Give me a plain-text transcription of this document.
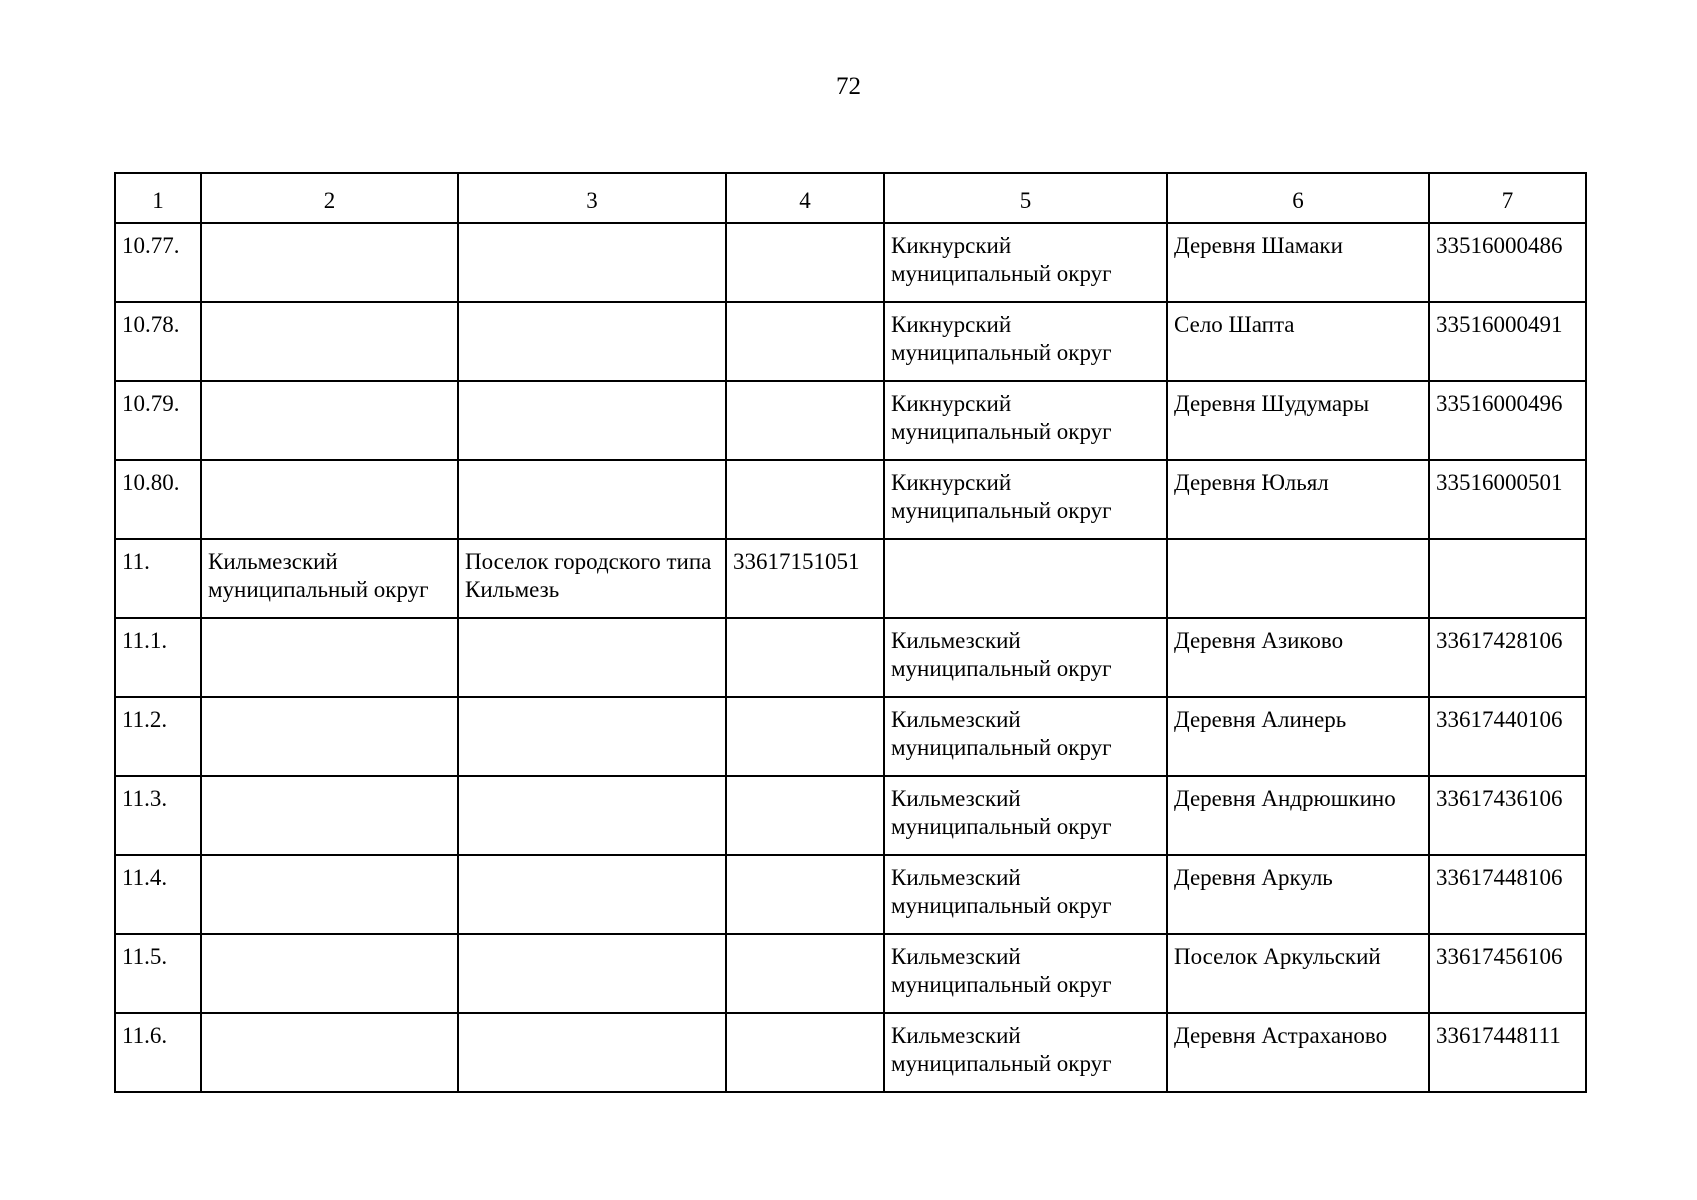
72
1	2	3	4	5	6	7
10.77.				Кикнурский муниципальный округ	Деревня Шамаки	33516000486
10.78.				Кикнурский муниципальный округ	Село Шапта	33516000491
10.79.				Кикнурский муниципальный округ	Деревня Шудумары	33516000496
10.80.				Кикнурский муниципальный округ	Деревня Юльял	33516000501
11.	Кильмезский муниципальный округ	Поселок городского типа Кильмезь	33617151051			
11.1.				Кильмезский муниципальный округ	Деревня Азиково	33617428106
11.2.				Кильмезский муниципальный округ	Деревня Алинерь	33617440106
11.3.				Кильмезский муниципальный округ	Деревня Андрюшкино	33617436106
11.4.				Кильмезский муниципальный округ	Деревня Аркуль	33617448106
11.5.				Кильмезский муниципальный округ	Поселок Аркульский	33617456106
11.6.				Кильмезский муниципальный округ	Деревня Астраханово	33617448111
